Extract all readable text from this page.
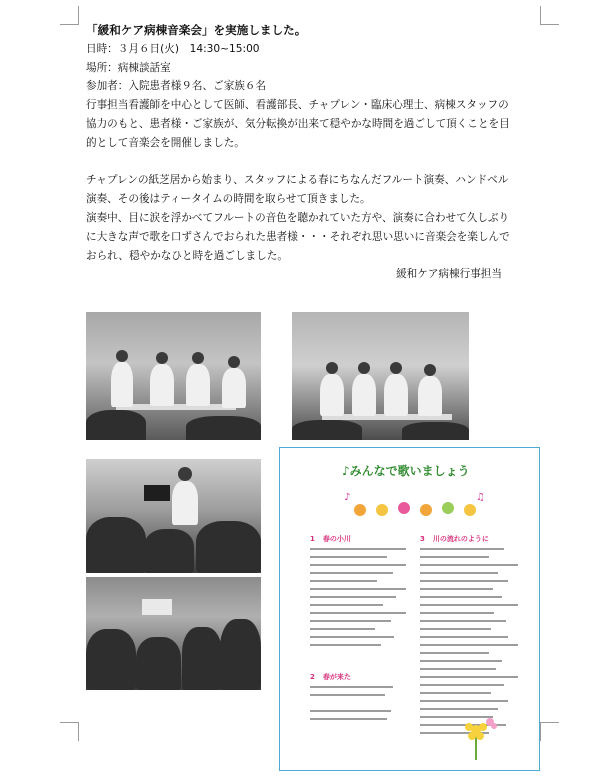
「緩和ケア病棟音楽会」を実施しました。
日時：３月６日(火)　14:30~15:00
場所：病棟談話室
参加者：入院患者様９名、ご家族６名
行事担当看護師を中心として医師、看護部長、チャプレン・臨床心理士、病棟スタッフの
協力のもと、患者様・ご家族が、気分転換が出来て穏やかな時間を過ごして頂くことを目
的として音楽会を開催しました。
チャプレンの紙芝居から始まり、スタッフによる春にちなんだフルート演奏、ハンドベル
演奏、その後はティータイムの時間を取らせて頂きました。
演奏中、目に涙を浮かべてフルートの音色を聴かれていた方や、演奏に合わせて久しぶり
に大きな声で歌を口ずさんでおられた患者様・・・それぞれ思い思いに音楽会を楽しんで
おられ、穏やかなひと時を過ごしました。
緩和ケア病棟行事担当
♪みんなで歌いましょう
♪	♫
1 春の小川	3 川の流れのように
2 春が来た
